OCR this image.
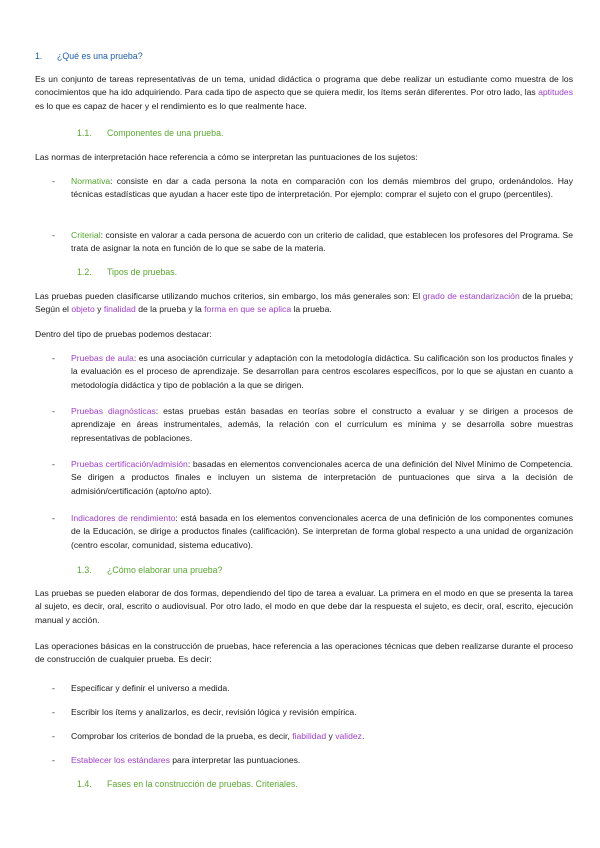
1. ¿Qué es una prueba?
Es un conjunto de tareas representativas de un tema, unidad didáctica o programa que debe realizar un estudiante como muestra de los conocimientos que ha ido adquiriendo. Para cada tipo de aspecto que se quiera medir, los ítems serán diferentes. Por otro lado, las aptitudes es lo que es capaz de hacer y el rendimiento es lo que realmente hace.
1.1. Componentes de una prueba.
Las normas de interpretación hace referencia a cómo se interpretan las puntuaciones de los sujetos:
- Normativa: consiste en dar a cada persona la nota en comparación con los demás miembros del grupo, ordenándolos. Hay técnicas estadísticas que ayudan a hacer este tipo de interpretación. Por ejemplo: comprar el sujeto con el grupo (percentiles).
- Criterial: consiste en valorar a cada persona de acuerdo con un criterio de calidad, que establecen los profesores del Programa. Se trata de asignar la nota en función de lo que se sabe de la materia.
1.2. Tipos de pruebas.
Las pruebas pueden clasificarse utilizando muchos criterios, sin embargo, los más generales son: El grado de estandarización de la prueba; Según el objeto y finalidad de la prueba y la forma en que se aplica la prueba.
Dentro del tipo de pruebas podemos destacar:
- Pruebas de aula: es una asociación curricular y adaptación con la metodología didáctica. Su calificación son los productos finales y la evaluación es el proceso de aprendizaje. Se desarrollan para centros escolares específicos, por lo que se ajustan en cuanto a metodología didáctica y tipo de población a la que se dirigen.
- Pruebas diagnósticas: estas pruebas están basadas en teorías sobre el constructo a evaluar y se dirigen a procesos de aprendizaje en áreas instrumentales, además, la relación con el currículum es mínima y se desarrolla sobre muestras representativas de poblaciones.
- Pruebas certificación/admisión: basadas en elementos convencionales acerca de una definición del Nivel Mínimo de Competencia. Se dirigen a productos finales e incluyen un sistema de interpretación de puntuaciones que sirva a la decisión de admisión/certificación (apto/no apto).
- Indicadores de rendimiento: está basada en los elementos convencionales acerca de una definición de los componentes comunes de la Educación, se dirige a productos finales (calificación). Se interpretan de forma global respecto a una unidad de organización (centro escolar, comunidad, sistema educativo).
1.3. ¿Cómo elaborar una prueba?
Las pruebas se pueden elaborar de dos formas, dependiendo del tipo de tarea a evaluar. La primera en el modo en que se presenta la tarea al sujeto, es decir, oral, escrito o audiovisual. Por otro lado, el modo en que debe dar la respuesta el sujeto, es decir, oral, escrito, ejecución manual y acción.
Las operaciones básicas en la construcción de pruebas, hace referencia a las operaciones técnicas que deben realizarse durante el proceso de construcción de cualquier prueba. Es decir:
- Especificar y definir el universo a medida.
- Escribir los ítems y analizarlos, es decir, revisión lógica y revisión empírica.
- Comprobar los criterios de bondad de la prueba, es decir, fiabilidad y validez.
- Establecer los estándares para interpretar las puntuaciones.
1.4. Fases en la construcción de pruebas. Criteriales.
